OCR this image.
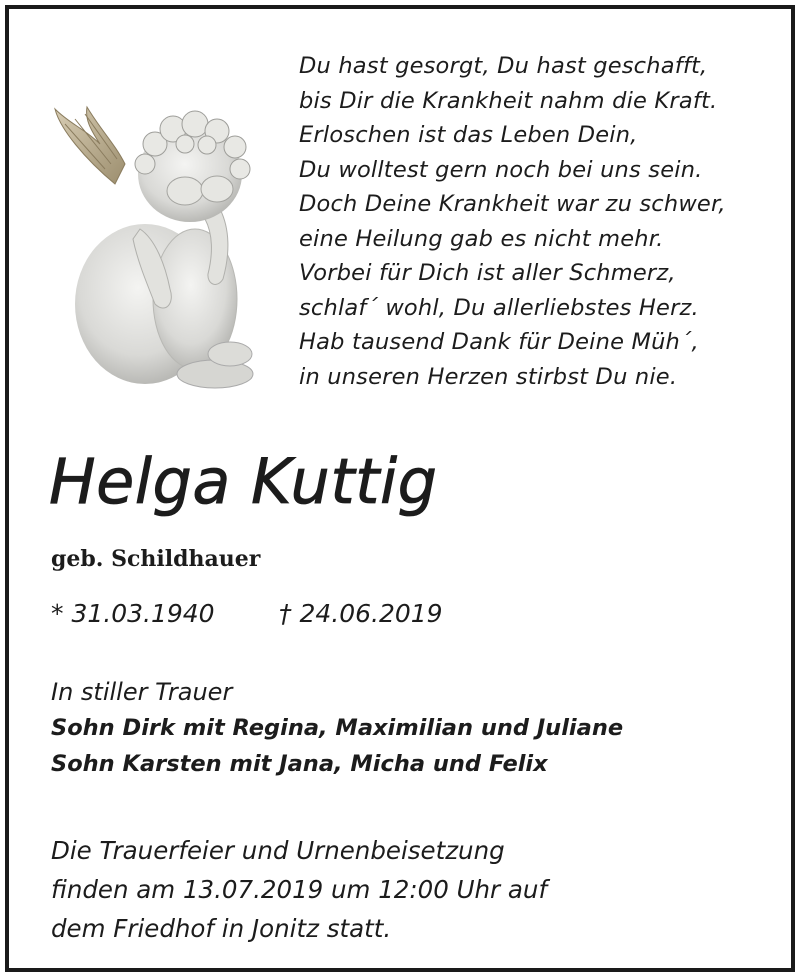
Du hast gesorgt, Du hast geschafft,
bis Dir die Krankheit nahm die Kraft.
Erloschen ist das Leben Dein,
Du wolltest gern noch bei uns sein.
Doch Deine Krankheit war zu schwer,
eine Heilung gab es nicht mehr.
Vorbei für Dich ist aller Schmerz,
schlaf´ wohl, Du allerliebstes Herz.
Hab tausend Dank für Deine Müh´,
in unseren Herzen stirbst Du nie.
Helga Kuttig
geb. Schildhauer
* 31.03.1940	† 24.06.2019
In stiller Trauer
Sohn Dirk mit Regina, Maximilian und Juliane
Sohn Karsten mit Jana, Micha und Felix
Die Trauerfeier und Urnenbeisetzung
finden am 13.07.2019 um 12:00 Uhr auf
dem Friedhof in Jonitz statt.
